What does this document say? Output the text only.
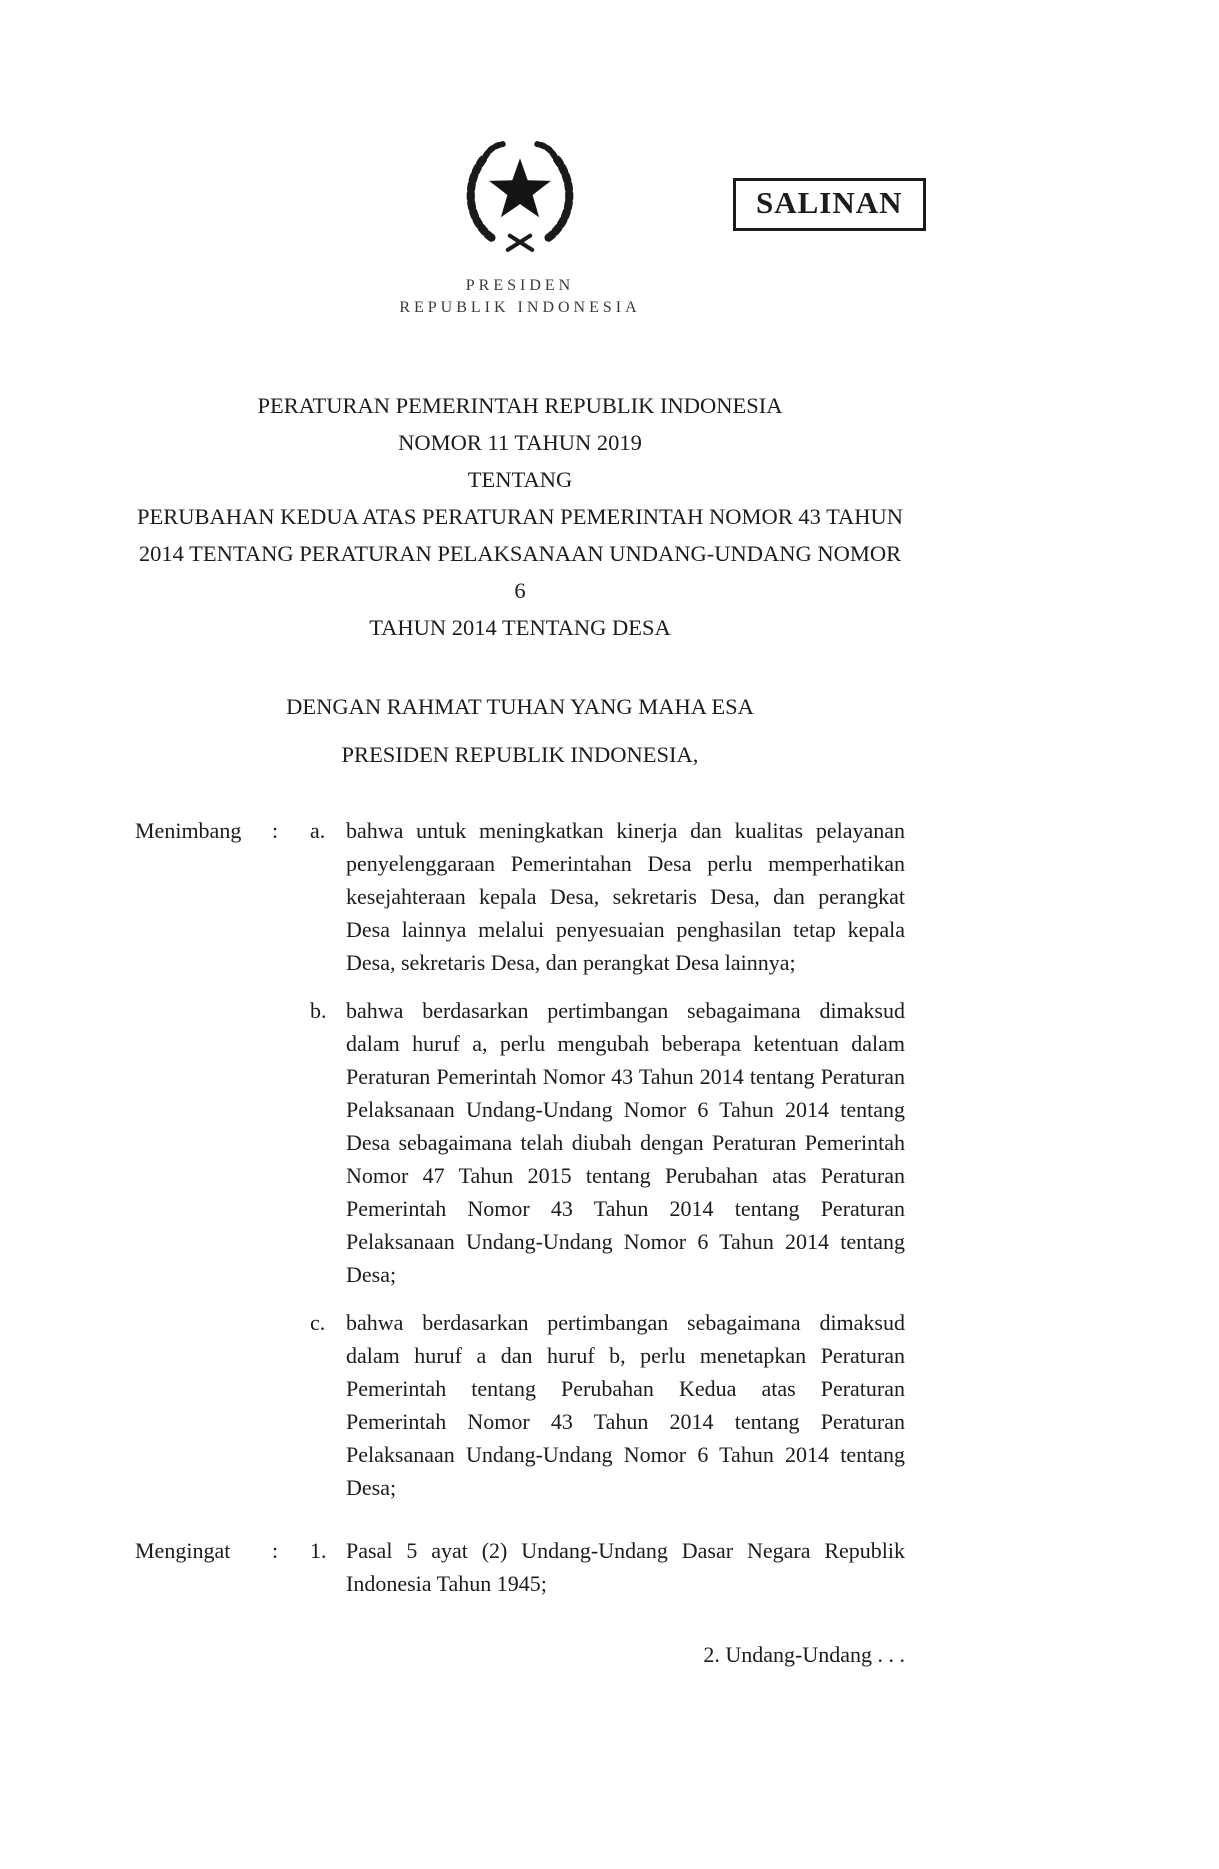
SALINAN
PRESIDEN
REPUBLIK INDONESIA
PERATURAN PEMERINTAH REPUBLIK INDONESIA
NOMOR 11 TAHUN 2019
TENTANG
PERUBAHAN KEDUA ATAS PERATURAN PEMERINTAH NOMOR 43 TAHUN
2014 TENTANG PERATURAN PELAKSANAAN UNDANG-UNDANG NOMOR 6
TAHUN 2014 TENTANG DESA
DENGAN RAHMAT TUHAN YANG MAHA ESA
PRESIDEN REPUBLIK INDONESIA,
Menimbang	:	a. bahwa untuk meningkatkan kinerja dan kualitas pelayanan penyelenggaraan Pemerintahan Desa perlu memperhatikan kesejahteraan kepala Desa, sekretaris Desa, dan perangkat Desa lainnya melalui penyesuaian penghasilan tetap kepala Desa, sekretaris Desa, dan perangkat Desa lainnya;
b. bahwa berdasarkan pertimbangan sebagaimana dimaksud dalam huruf a, perlu mengubah beberapa ketentuan dalam Peraturan Pemerintah Nomor 43 Tahun 2014 tentang Peraturan Pelaksanaan Undang-Undang Nomor 6 Tahun 2014 tentang Desa sebagaimana telah diubah dengan Peraturan Pemerintah Nomor 47 Tahun 2015 tentang Perubahan atas Peraturan Pemerintah Nomor 43 Tahun 2014 tentang Peraturan Pelaksanaan Undang-Undang Nomor 6 Tahun 2014 tentang Desa;
c. bahwa berdasarkan pertimbangan sebagaimana dimaksud dalam huruf a dan huruf b, perlu menetapkan Peraturan Pemerintah tentang Perubahan Kedua atas Peraturan Pemerintah Nomor 43 Tahun 2014 tentang Peraturan Pelaksanaan Undang-Undang Nomor 6 Tahun 2014 tentang Desa;
Mengingat	:	1. Pasal 5 ayat (2) Undang-Undang Dasar Negara Republik Indonesia Tahun 1945;
2. Undang-Undang . . .
